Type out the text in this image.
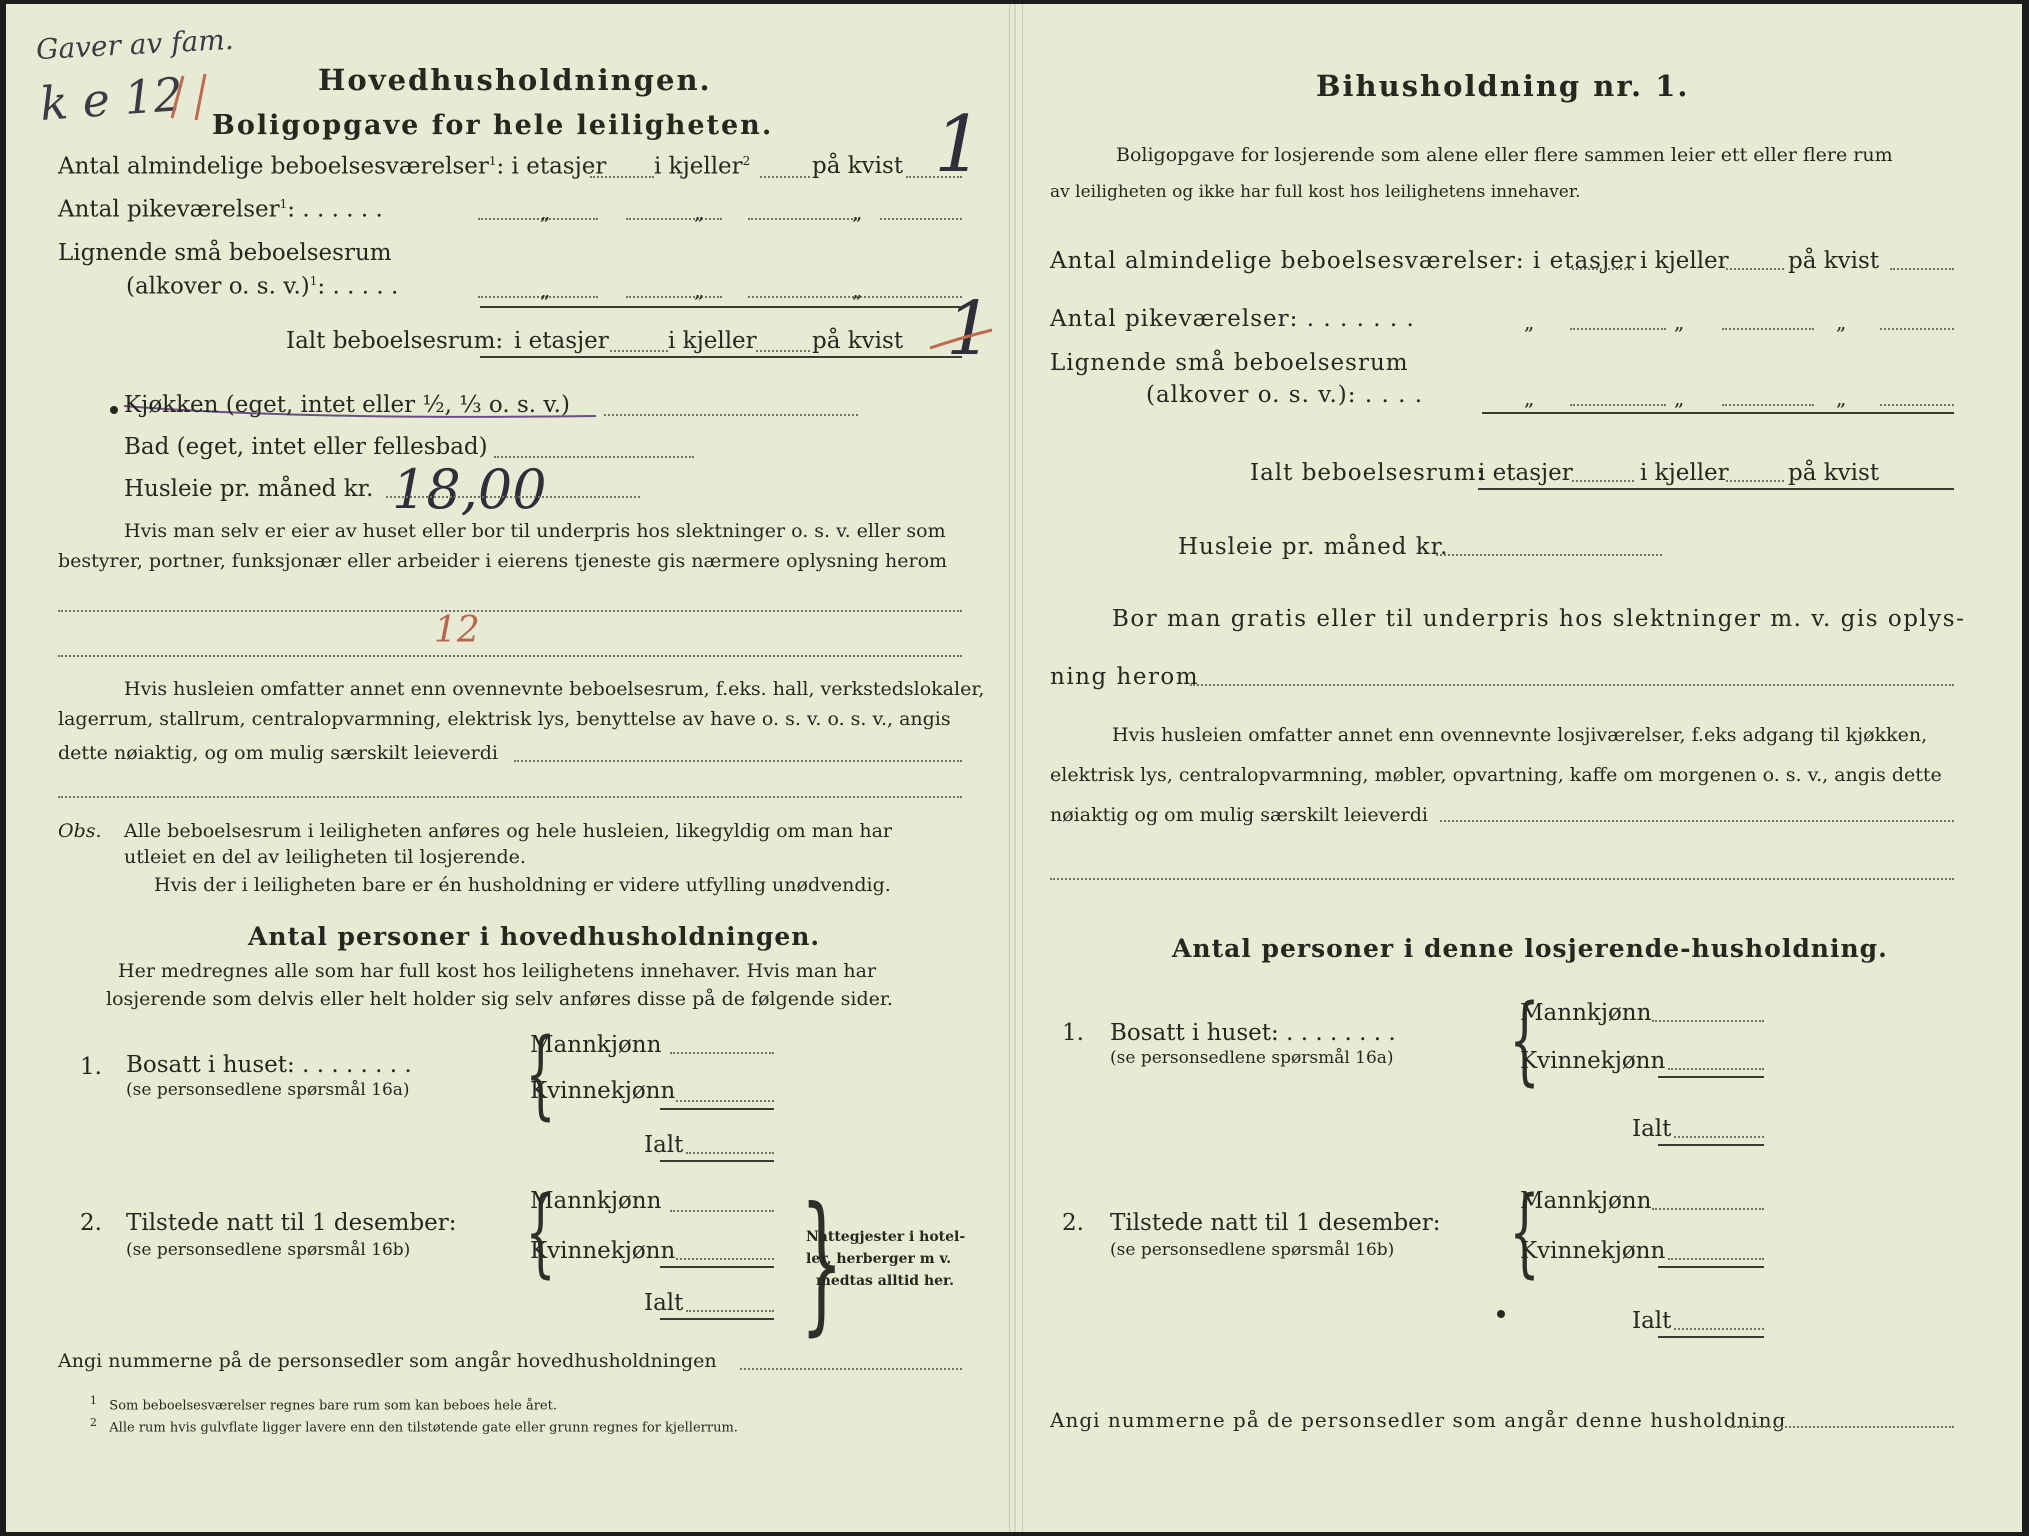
Gaver av fam.
k e 12
1
1
18,00
12
Hovedhusholdningen.
Boligopgave for hele leiligheten.
Antal almindelige beboelsesværelser$^1$: i etasjer i kjeller$^2$	på kvist
Antal pikeværelser$^1$: . . . . . .	„	„	„
Lignende små beboelsesrum
(alkover o. s. v.)$^1$: . . . . .	„	„	„
Ialt beboelsesrum: i etasjer	i kjeller på kvist
Kjøkken (eget, intet eller ½, ⅓ o. s. v.)
Bad (eget, intet eller fellesbad)
Husleie pr. måned kr.
Hvis man selv er eier av huset eller bor til underpris hos slektninger o. s. v. eller som
bestyrer, portner, funksjonær eller arbeider i eierens tjeneste gis nærmere oplysning herom
Hvis husleien omfatter annet enn ovennevnte beboelsesrum, f.eks. hall, verkstedslokaler,
lagerrum, stallrum, centralopvarmning, elektrisk lys, benyttelse av have o. s. v. o. s. v., angis
dette nøiaktig, og om mulig særskilt leieverdi
Obs. Alle beboelsesrum i leiligheten anføres og hele husleien, likegyldig om man har
utleiet en del av leiligheten til losjerende.
Hvis der i leiligheten bare er én husholdning er videre utfylling unødvendig.
Antal personer i hovedhusholdningen.
Her medregnes alle som har full kost hos leilighetens innehaver. Hvis man har
losjerende som delvis eller helt holder sig selv anføres disse på de følgende sider.
1. Bosatt i huset: . . . . . . . .
(se personsedlene spørsmål 16a) {
Mannkjønn
Kvinnekjønn
Ialt
2. Tilstede natt til 1 desember:
(se personsedlene spørsmål 16b) {
Mannkjønn
Kvinnekjønn
Ialt }
Nattegjester i hotel-
ler, herberger m v.
medtas alltid her.
Angi nummerne på de personsedler som angår hovedhusholdningen
$^1$ Som beboelsesværelser regnes bare rum som kan beboes hele året.
$^2$ Alle rum hvis gulvflate ligger lavere enn den tilstøtende gate eller grunn regnes for kjellerrum.
Bihusholdning nr. 1.
Boligopgave for losjerende som alene eller flere sammen leier ett eller flere rum
av leiligheten og ikke har full kost hos leilighetens innehaver.
Antal almindelige beboelsesværelser: i etasjer i kjeller	på kvist
Antal pikeværelser: . . . . . . .	„	„	„
Lignende små beboelsesrum
(alkover o. s. v.): . . . .	„	„	„
Ialt beboelsesrum:
i etasjer	i kjeller	på kvist
Husleie pr. måned kr.
Bor man gratis eller til underpris hos slektninger m. v. gis oplys-
ning herom
Hvis husleien omfatter annet enn ovennevnte losjiværelser, f.eks adgang til kjøkken,
elektrisk lys, centralopvarmning, møbler, opvartning, kaffe om morgenen o. s. v., angis dette
nøiaktig og om mulig særskilt leieverdi
Antal personer i denne losjerende-husholdning.
1. Bosatt i huset: . . . . . . . .
(se personsedlene spørsmål 16a) {
Mannkjønn
Kvinnekjønn
Ialt
2. Tilstede natt til 1 desember:
(se personsedlene spørsmål 16b) {
Mannkjønn
Kvinnekjønn
Ialt
Angi nummerne på de personsedler som angår denne husholdning
